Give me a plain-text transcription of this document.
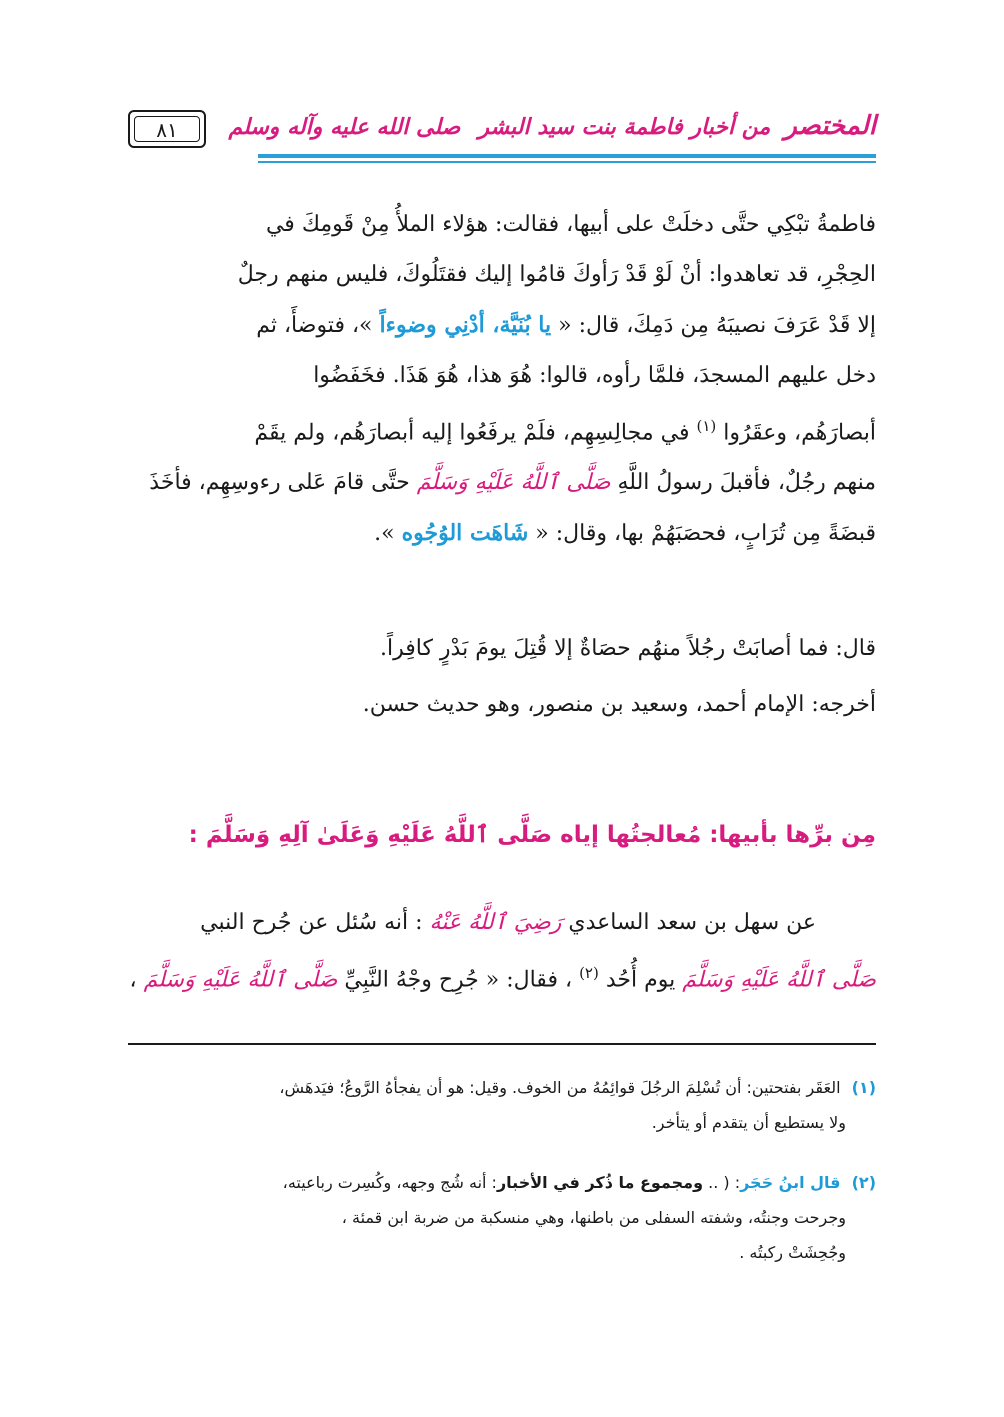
المختصرمن أخبار فاطمة بنت سيد البشرصلى الله عليه وآله وسلم
٨١
فاطمةُ تبْكِي حتَّى دخلَتْ على أبيها، فقالت: هؤلاء الملأُ مِنْ قَومِكَ في
الحِجْرِ، قد تعاهدوا: أنْ لَوْ قَدْ رَأوكَ قامُوا إليك فقتَلُوكَ، فليس منهم رجلٌ
إلا قَدْ عَرَفَ نصيبَهُ مِن دَمِكَ، قال: « يا بُنَيَّة، أدْنِي وضوءاً »، فتوضأَ، ثم
دخل عليهم المسجدَ، فلمَّا رأوه، قالوا: هُوَ هذا، هُوَ هَذَا. فخَفَضُوا
أبصارَهُم، وعقَرُوا $^{(١)}$ في مجالِسِهِم، فلَمْ يرفَعُوا إليه أبصارَهُم، ولم يقَمْ
منهم رجُلٌ، فأقبلَ رسولُ اللَّهِ صَلَّى ٱللَّهُ عَلَيْهِ وَسَلَّمَ حتَّى قامَ عَلى رءوسِهِم، فأخَذَ
قبضَةً مِن تُرَابٍ، فحصَبَهُمْ بها، وقال: « شَاهَت الوُجُوه ».
قال: فما أصابَتْ رجُلاً منهُم حصَاةٌ إلا قُتِلَ يومَ بَدْرٍ كافِراً.
أخرجه: الإمام أحمد، وسعيد بن منصور، وهو حديث حسن.
مِن برِّها بأبيها: مُعالجتُها إياه صَلَّى ٱللَّهُ عَلَيْهِ وَعَلَىٰ آلِهِ وَسَلَّمَ :
عن سهل بن سعد الساعدي رَضِيَ ٱللَّهُ عَنْهُ : أنه سُئل عن جُرح النبي
صَلَّى ٱللَّهُ عَلَيْهِ وَسَلَّمَ يوم أُحُد $^{(٢)}$ ، فقال: « جُرِح وجْهُ النَّبِيِّ صَلَّى ٱللَّهُ عَلَيْهِ وَسَلَّمَ ،
(١) العَقَر بفتحتين: أن تُسْلِمَ الرجُلَ قوائِمُهُ من الخوف. وقيل: هو أن يفجأهُ الرَّوعُ؛ فيَدهَش،
ولا يستطيع أن يتقدم أو يتأخر.
(٢) قال ابنُ حَجَر: ( .. ومجموع ما ذُكر في الأخبار: أنه شُج وجهه، وكُسِرت رباعيته،
وجرحت وجنتُه، وشفته السفلى من باطنها، وهي منسكبة من ضربة ابن قمئة ،
وجُحِشَتْ ركبتُه .
